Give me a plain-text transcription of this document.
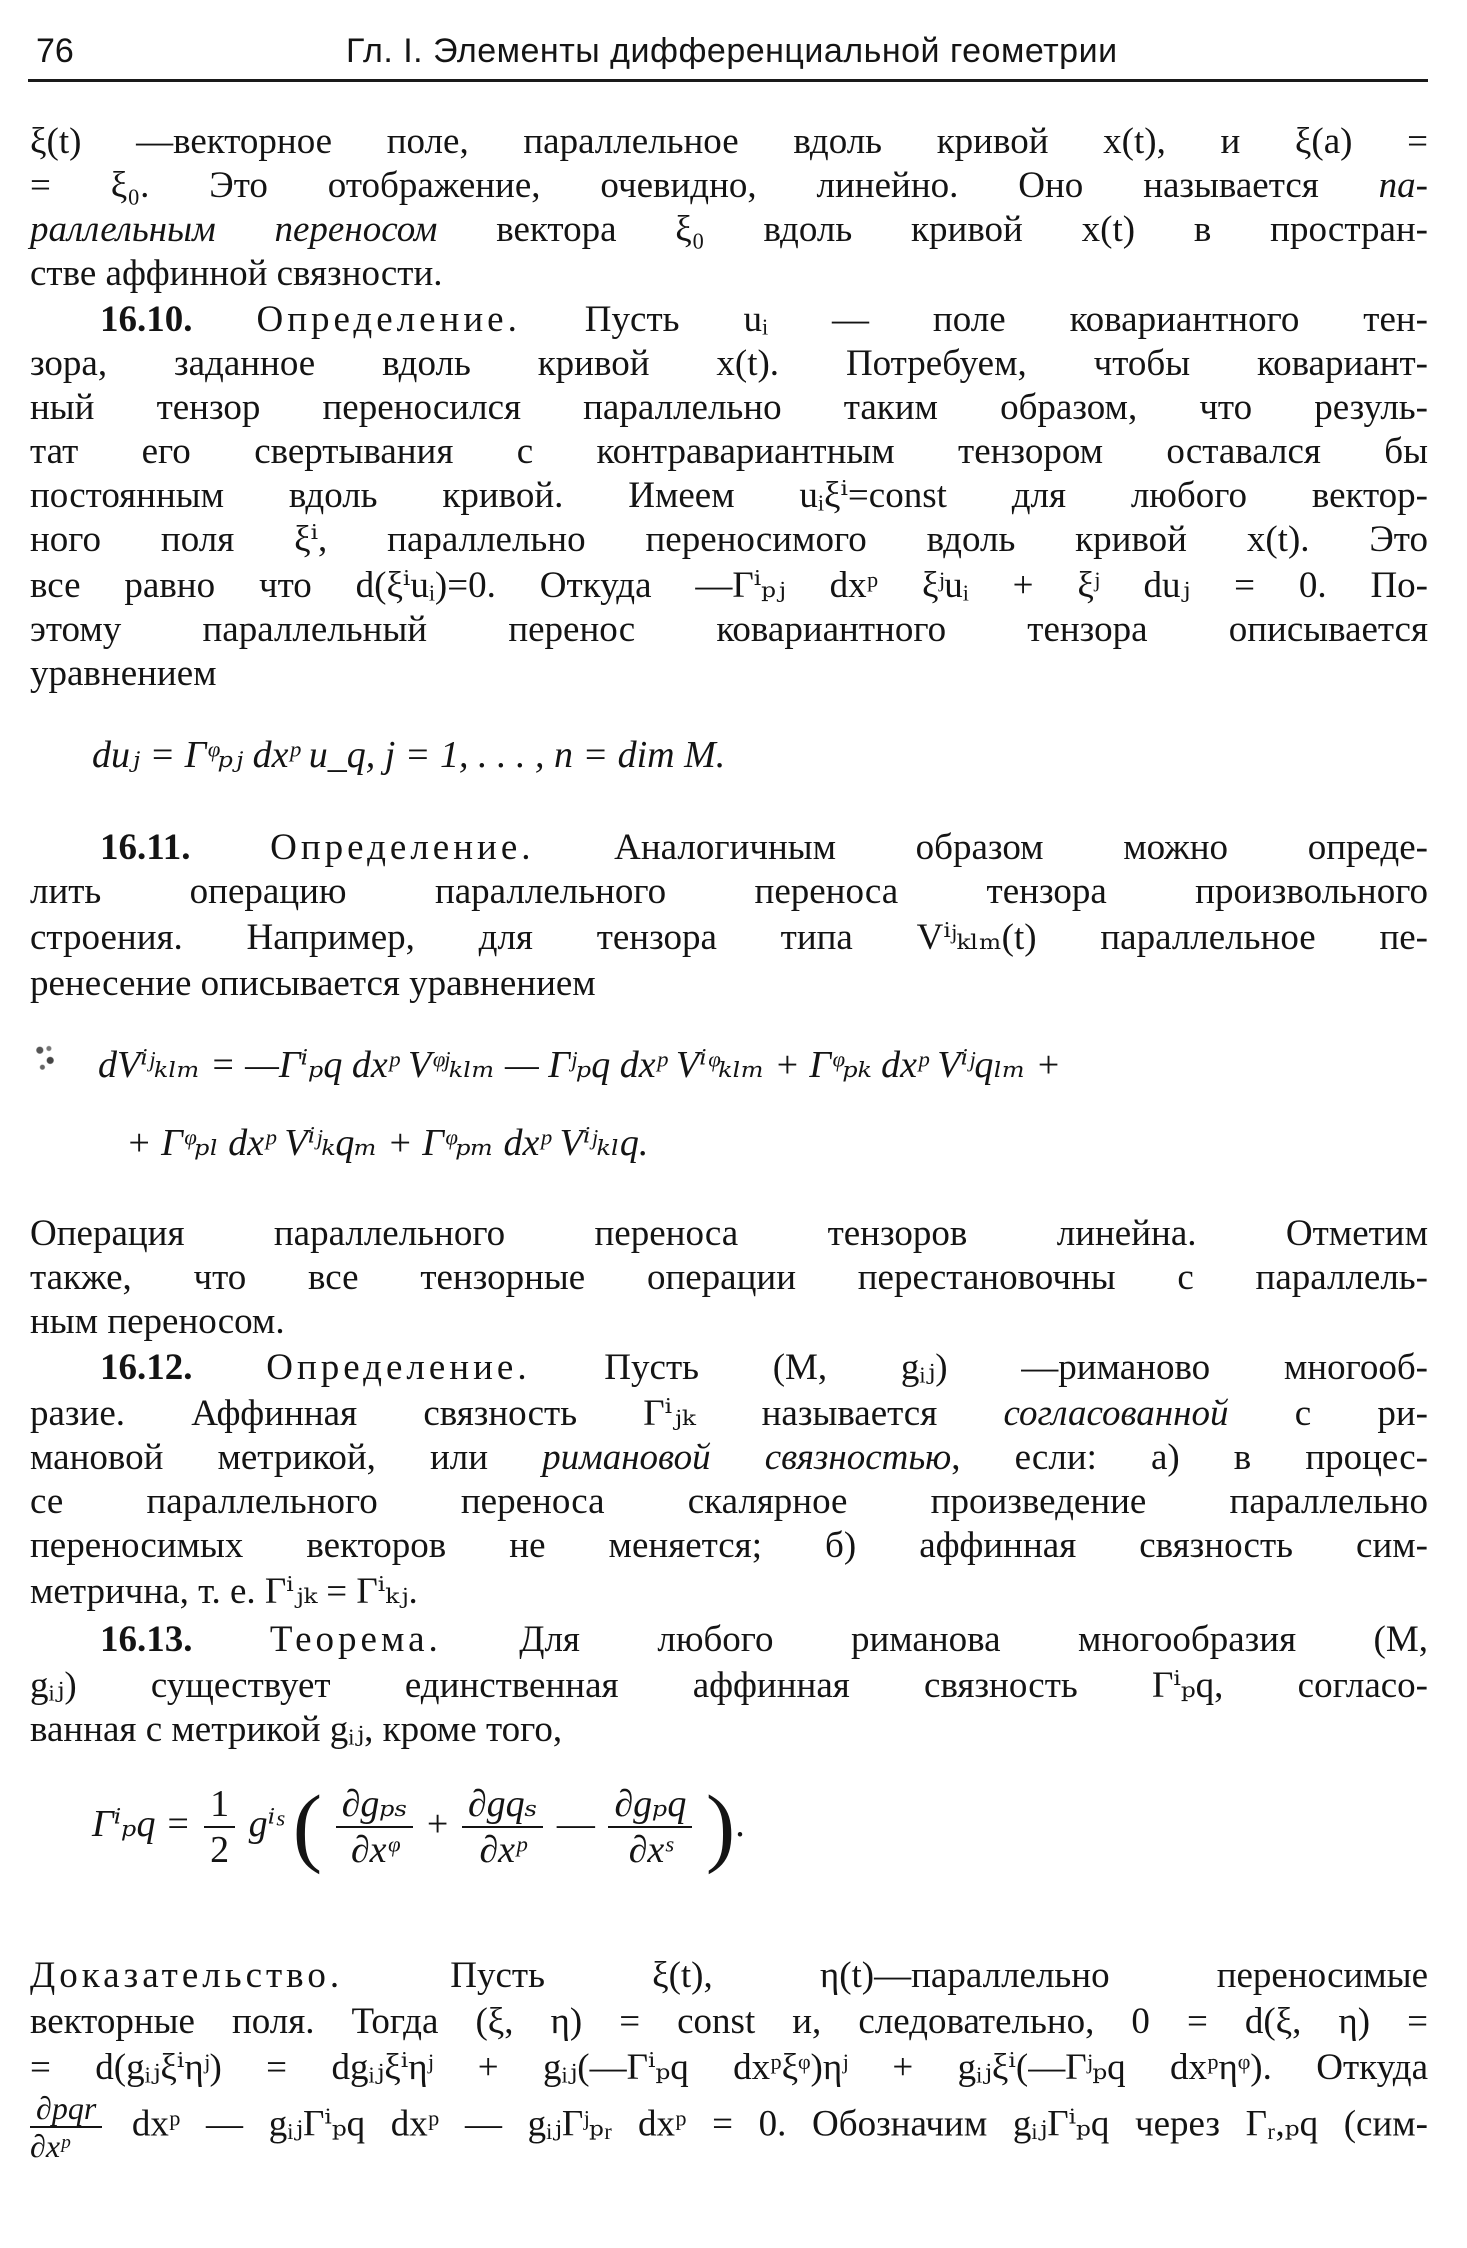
76	Гл. I. Элементы дифференциальной геометрии
ξ(t) —векторное поле, параллельное вдоль кривой x(t), и ξ(a) =
= ξ₀. Это отображение, очевидно, линейно. Оно называется па-
раллельным переносом вектора ξ₀ вдоль кривой x(t) в простран-
стве аффинной связности.
16.10. Определение. Пусть uᵢ — поле ковариантного тен-
зора, заданное вдоль кривой x(t). Потребуем, чтобы ковариант-
ный тензор переносился параллельно таким образом, что резуль-
тат его свертывания с контравариантным тензором оставался бы
постоянным вдоль кривой. Имеем uᵢξⁱ=const для любого вектор-
ного поля ξⁱ, параллельно переносимого вдоль кривой x(t). Это
все равно что d(ξⁱuᵢ)=0. Откуда —Γⁱₚⱼ dxᵖ ξʲuᵢ + ξʲ duⱼ = 0. По-
этому параллельный перенос ковариантного тензора описывается
уравнением
duⱼ = Γᵠₚⱼ dxᵖ u_q, j = 1, . . . , n = dim M.
16.11. Определение. Аналогичным образом можно опреде-
лить операцию параллельного переноса тензора произвольного
строения. Например, для тензора типа Vⁱʲₖₗₘ(t) параллельное пе-
ренесение описывается уравнением
dVⁱʲₖₗₘ = —Γⁱₚq dxᵖ Vᵠʲₖₗₘ — Γʲₚq dxᵖ Vⁱᵠₖₗₘ + Γᵠₚₖ dxᵖ Vⁱʲqₗₘ +
+ Γᵠₚₗ dxᵖ Vⁱʲₖqₘ + Γᵠₚₘ dxᵖ Vⁱʲₖₗq.
Операция параллельного переноса тензоров линейна. Отметим
также, что все тензорные операции перестановочны с параллель-
ным переносом.
16.12. Определение. Пусть (M, gᵢⱼ) —риманово многооб-
разие. Аффинная связность Γⁱⱼₖ называется согласованной с ри-
мановой метрикой, или римановой связностью, если: а) в процес-
се параллельного переноса скалярное произведение параллельно
переносимых векторов не меняется; б) аффинная связность сим-
метрична, т. е. Γⁱⱼₖ = Γⁱₖⱼ.
16.13. Теорема. Для любого риманова многообразия (M,
gᵢⱼ) существует единственная аффинная связность Γⁱₚq, согласо-
ванная с метрикой gᵢⱼ, кроме того,
$\Gamma^i_pq = \frac{1}{2}$ gⁱˢ ( $\frac{\text{∂gₚₛ}}{\text{∂xᵠ}} + \frac{\text{∂gqₛ}}{\text{∂xᵖ}}$ — $\frac{\text{∂gₚq}}{\text{∂xˢ}}$ ).
Доказательство. Пусть ξ(t), η(t)—параллельно переносимые
векторные поля. Тогда (ξ, η) = const и, следовательно, 0 = d(ξ, η) =
= d(gᵢⱼξⁱηʲ) = dgᵢⱼξⁱηʲ + gᵢⱼ(—Γⁱₚq dxᵖξᵠ)ηʲ + gᵢⱼξⁱ(—Γʲₚq dxᵖηᵠ). Откуда
$\frac{\text{∂pqr}}{\text{∂xᵖ}}$ dxᵖ — gᵢⱼΓⁱₚq dxᵖ — gᵢⱼΓʲₚᵣ dxᵖ = 0. Обозначим gᵢⱼΓⁱₚq через Γᵣ,ₚq (сим-
